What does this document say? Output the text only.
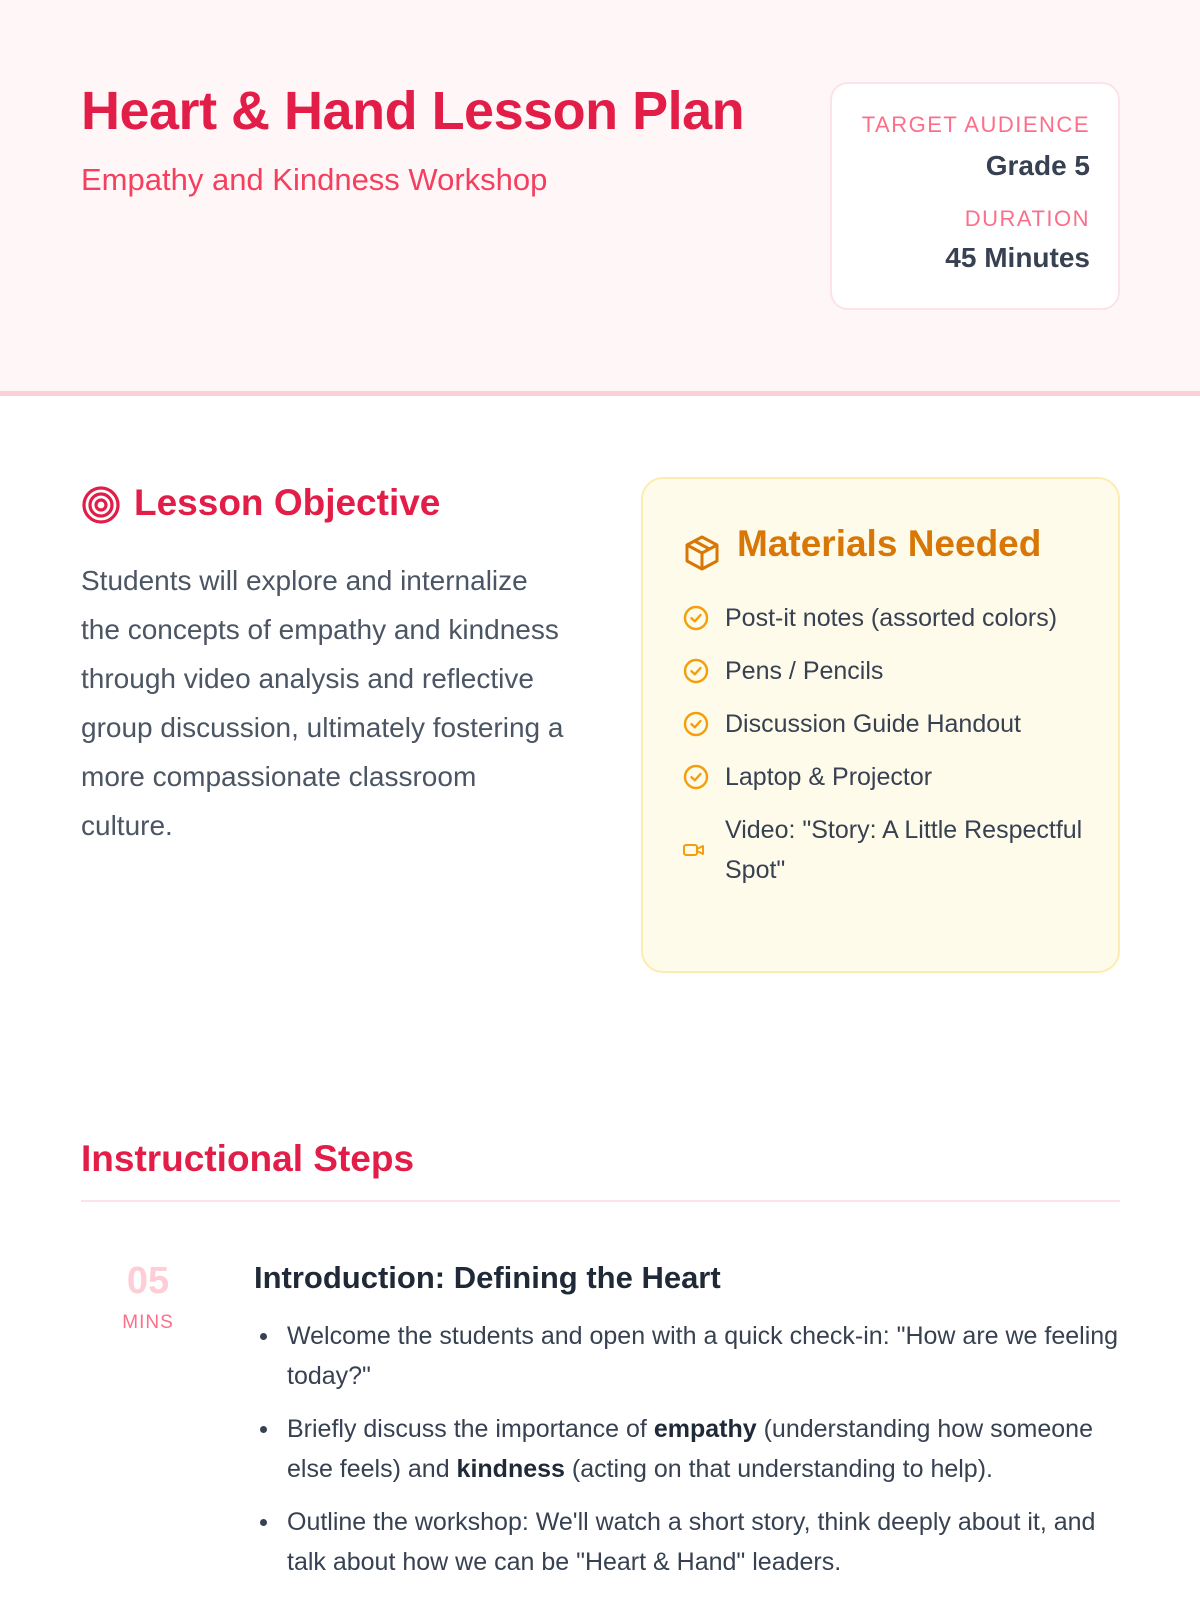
Heart & Hand Lesson Plan
Empathy and Kindness Workshop
TARGET AUDIENCE
Grade 5
DURATION
45 Minutes
Lesson Objective

Students will explore and internalize the concepts of empathy and kindness through video analysis and reflective group discussion, ultimately fostering a more compassionate classroom culture.

Materials Needed
Post-it notes (assorted colors)
Pens / Pencils
Discussion Guide Handout
Laptop & Projector
Video: "Story: A Little Respectful Spot"
Instructional Steps
05
MINS
Introduction: Defining the Heart
Welcome the students and open with a quick check-in: "How are we feeling today?"
Briefly discuss the importance of empathy (understanding how someone else feels) and kindness (acting on that understanding to help).
Outline the workshop: We'll watch a short story, think deeply about it, and talk about how we can be "Heart & Hand" leaders.
